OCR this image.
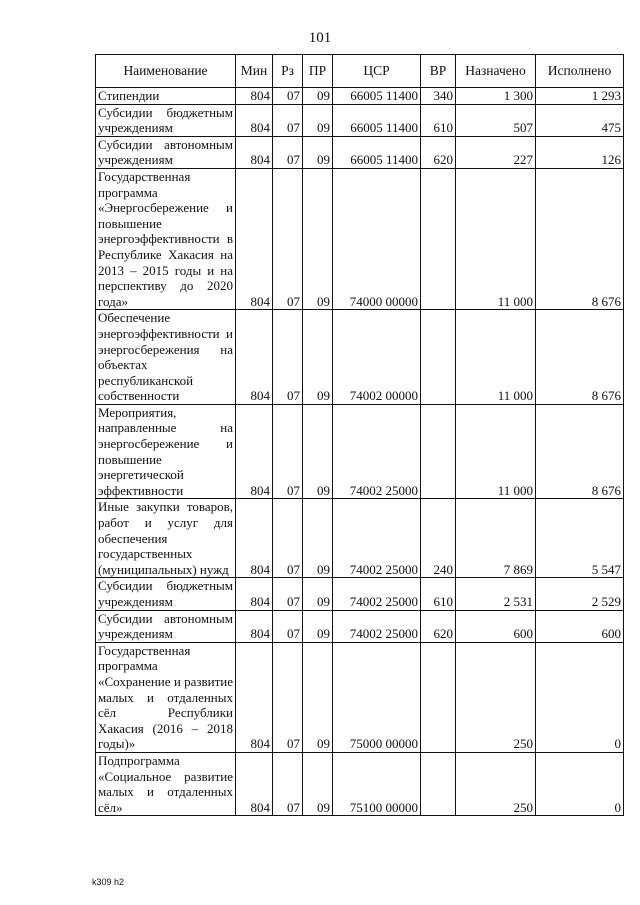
101
Наименование	Мин	Рз	ПР	ЦСР	ВР	Назначено	Исполнено
Стипендии	804	07	09	66005 11400	340	1 300	1 293
Субсидии бюджетным учреждениям	804	07	09	66005 11400	610	507	475
Субсидии автономным учреждениям	804	07	09	66005 11400	620	227	126
Государственная программа «Энергосбережение и повышение энергоэффективности в Республике Хакасия на 2013 – 2015 годы и на перспективу до 2020 года»	804	07	09	74000 00000		11 000	8 676
Обеспечение энергоэффективности и энергосбережения на объектах республиканской собственности	804	07	09	74002 00000		11 000	8 676
Мероприятия, направленные на энергосбережение и повышение энергетической эффективности	804	07	09	74002 25000		11 000	8 676
Иные закупки товаров, работ и услуг для обеспечения государственных (муниципальных) нужд	804	07	09	74002 25000	240	7 869	5 547
Субсидии бюджетным учреждениям	804	07	09	74002 25000	610	2 531	2 529
Субсидии автономным учреждениям	804	07	09	74002 25000	620	600	600
Государственная программа «Сохранение и развитие малых и отдаленных сёл Республики Хакасия (2016 – 2018 годы)»	804	07	09	75000 00000		250	0
Подпрограмма «Социальное развитие малых и отдаленных сёл»	804	07	09	75100 00000		250	0
k309 h2
